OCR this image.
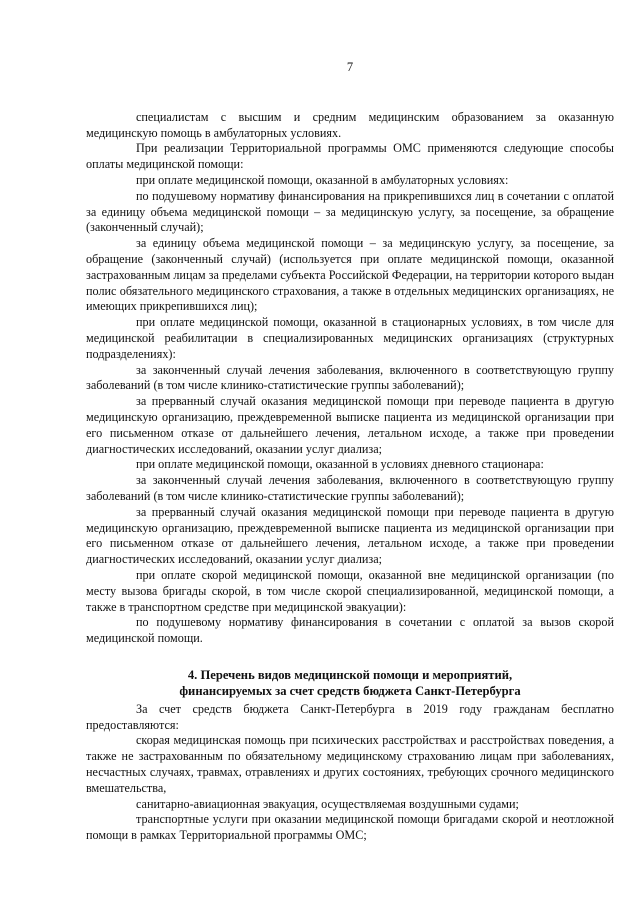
7

специалистам с высшим и средним медицинским образованием за оказанную медицинскую помощь в амбулаторных условиях.

При реализации Территориальной программы ОМС применяются следующие способы оплаты медицинской помощи:

при оплате медицинской помощи, оказанной в амбулаторных условиях:

по подушевому нормативу финансирования на прикрепившихся лиц в сочетании с оплатой за единицу объема медицинской помощи – за медицинскую услугу, за посещение, за обращение (законченный случай);

за единицу объема медицинской помощи – за медицинскую услугу, за посещение, за обращение (законченный случай) (используется при оплате медицинской помощи, оказанной застрахованным лицам за пределами субъекта Российской Федерации, на территории которого выдан полис обязательного медицинского страхования, а также в отдельных медицинских организациях, не имеющих прикрепившихся лиц);

при оплате медицинской помощи, оказанной в стационарных условиях, в том числе для медицинской реабилитации в специализированных медицинских организациях (структурных подразделениях):

за законченный случай лечения заболевания, включенного в соответствующую группу заболеваний (в том числе клинико-статистические группы заболеваний);

за прерванный случай оказания медицинской помощи при переводе пациента в другую медицинскую организацию, преждевременной выписке пациента из медицинской организации при его письменном отказе от дальнейшего лечения, летальном исходе, а также при проведении диагностических исследований, оказании услуг диализа;

при оплате медицинской помощи, оказанной в условиях дневного стационара:

за законченный случай лечения заболевания, включенного в соответствующую группу заболеваний (в том числе клинико-статистические группы заболеваний);

за прерванный случай оказания медицинской помощи при переводе пациента в другую медицинскую организацию, преждевременной выписке пациента из медицинской организации при его письменном отказе от дальнейшего лечения, летальном исходе, а также при проведении диагностических исследований, оказании услуг диализа;

при оплате скорой медицинской помощи, оказанной вне медицинской организации (по месту вызова бригады скорой, в том числе скорой специализированной, медицинской помощи, а также в транспортном средстве при медицинской эвакуации):

по подушевому нормативу финансирования в сочетании с оплатой за вызов скорой медицинской помощи.

4. Перечень видов медицинской помощи и мероприятий,
финансируемых за счет средств бюджета Санкт-Петербурга

За счет средств бюджета Санкт-Петербурга в 2019 году гражданам бесплатно предоставляются:

скорая медицинская помощь при психических расстройствах и расстройствах поведения, а также не застрахованным по обязательному медицинскому страхованию лицам при заболеваниях, несчастных случаях, травмах, отравлениях и других состояниях, требующих срочного медицинского вмешательства,

санитарно-авиационная эвакуация, осуществляемая воздушными судами;

транспортные услуги при оказании медицинской помощи бригадами скорой и неотложной помощи в рамках Территориальной программы ОМС;
